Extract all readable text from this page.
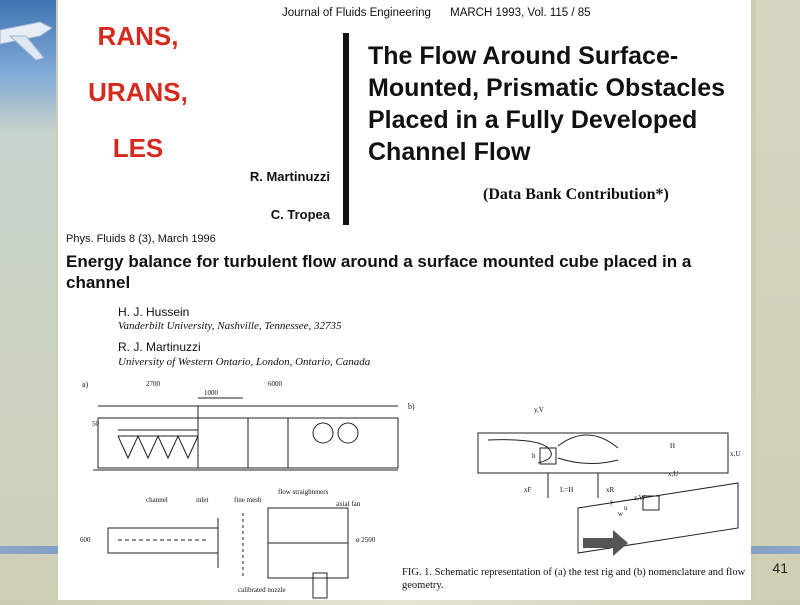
RANS,
URANS,
LES
Journal of Fluids Engineering MARCH 1993, Vol. 115 / 85
The Flow Around Surface-
Mounted, Prismatic Obstacles
Placed in a Fully Developed
Channel Flow
R. Martinuzzi
C. Tropea
(Data Bank Contribution*)
Phys. Fluids 8 (3), March 1996
Energy balance for turbulent flow around a surface mounted cube placed in a channel
H. J. Hussein
Vanderbilt University, Nashville, Tennessee, 32735
R. J. Martinuzzi
University of Western Ontario, London, Ontario, Canada
a)
b)
2700	6000
1000
600
50
ø 2500
channel	inlet	fine mesh
flow straighteners
axial fan
calibrated nozzle
y,V
x,U
x,U
h
H
xF	L=H	xR
z,W
y
w
u
FIG. 1. Schematic representation of (a) the test rig and (b) nomenclature and flow geometry.
41
